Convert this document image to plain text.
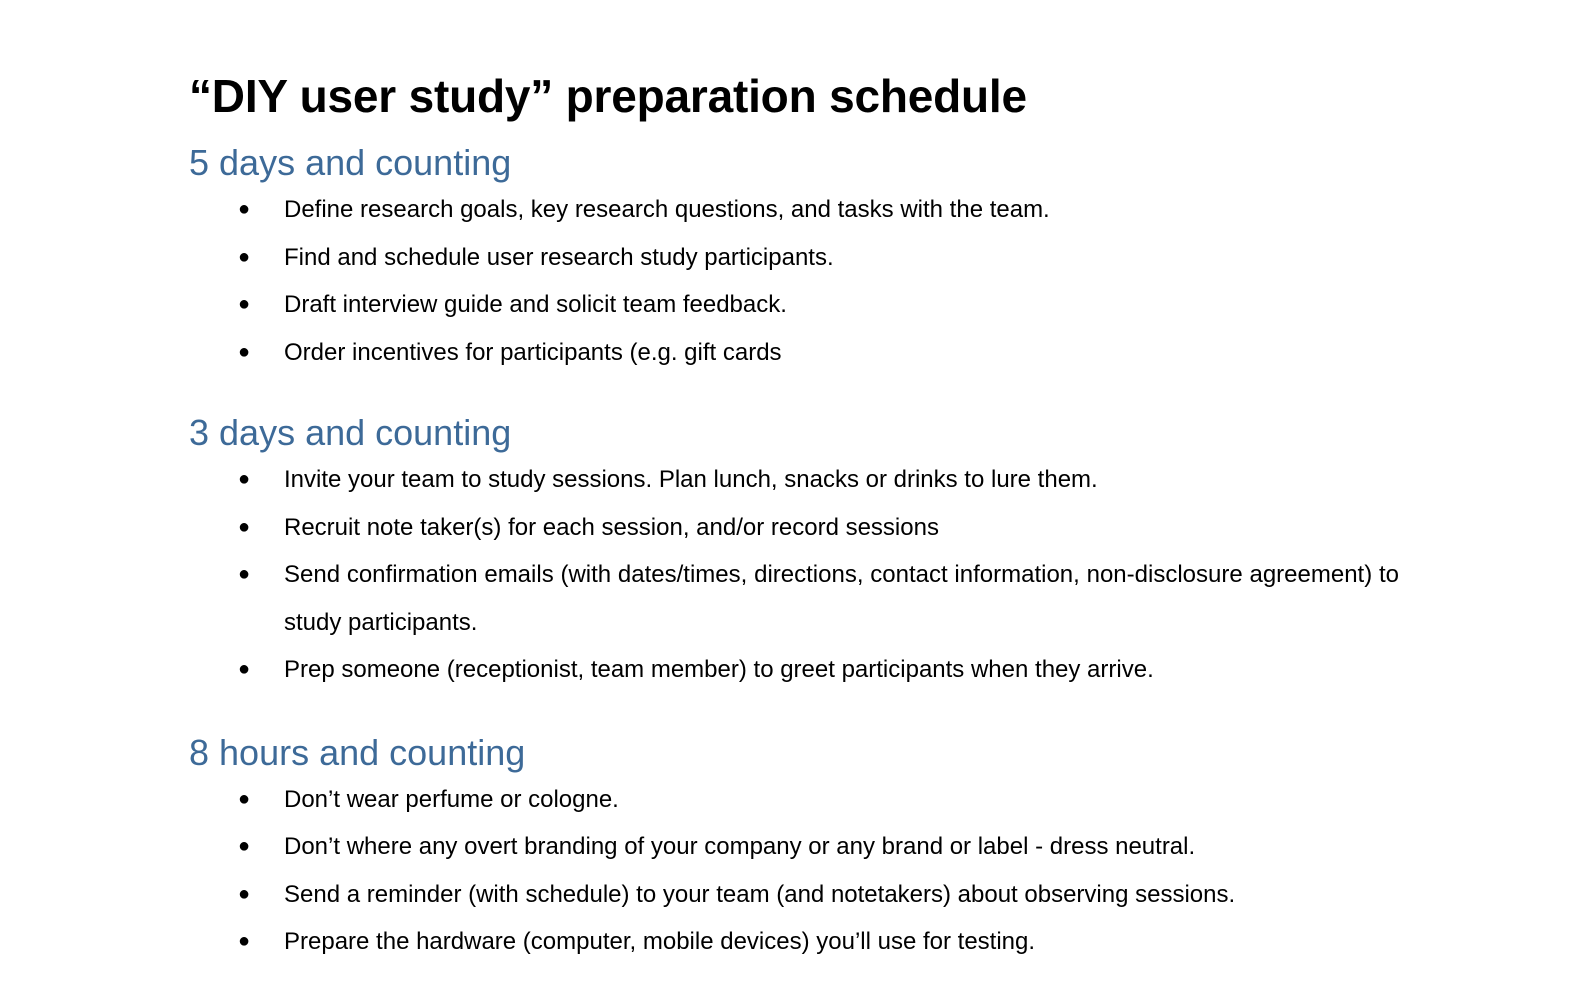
“DIY user study” preparation schedule
5 days and counting
● Define research goals, key research questions, and tasks with the team.
● Find and schedule user research study participants.
● Draft interview guide and solicit team feedback.
● Order incentives for participants (e.g. gift cards
3 days and counting
● Invite your team to study sessions. Plan lunch, snacks or drinks to lure them.
● Recruit note taker(s) for each session, and/or record sessions
● Send confirmation emails (with dates/times, directions, contact information, non-disclosure agreement) to study participants.
● Prep someone (receptionist, team member) to greet participants when they arrive.
8 hours and counting
● Don’t wear perfume or cologne.
● Don’t where any overt branding of your company or any brand or label - dress neutral.
● Send a reminder (with schedule) to your team (and notetakers) about observing sessions.
● Prepare the hardware (computer, mobile devices) you’ll use for testing.
